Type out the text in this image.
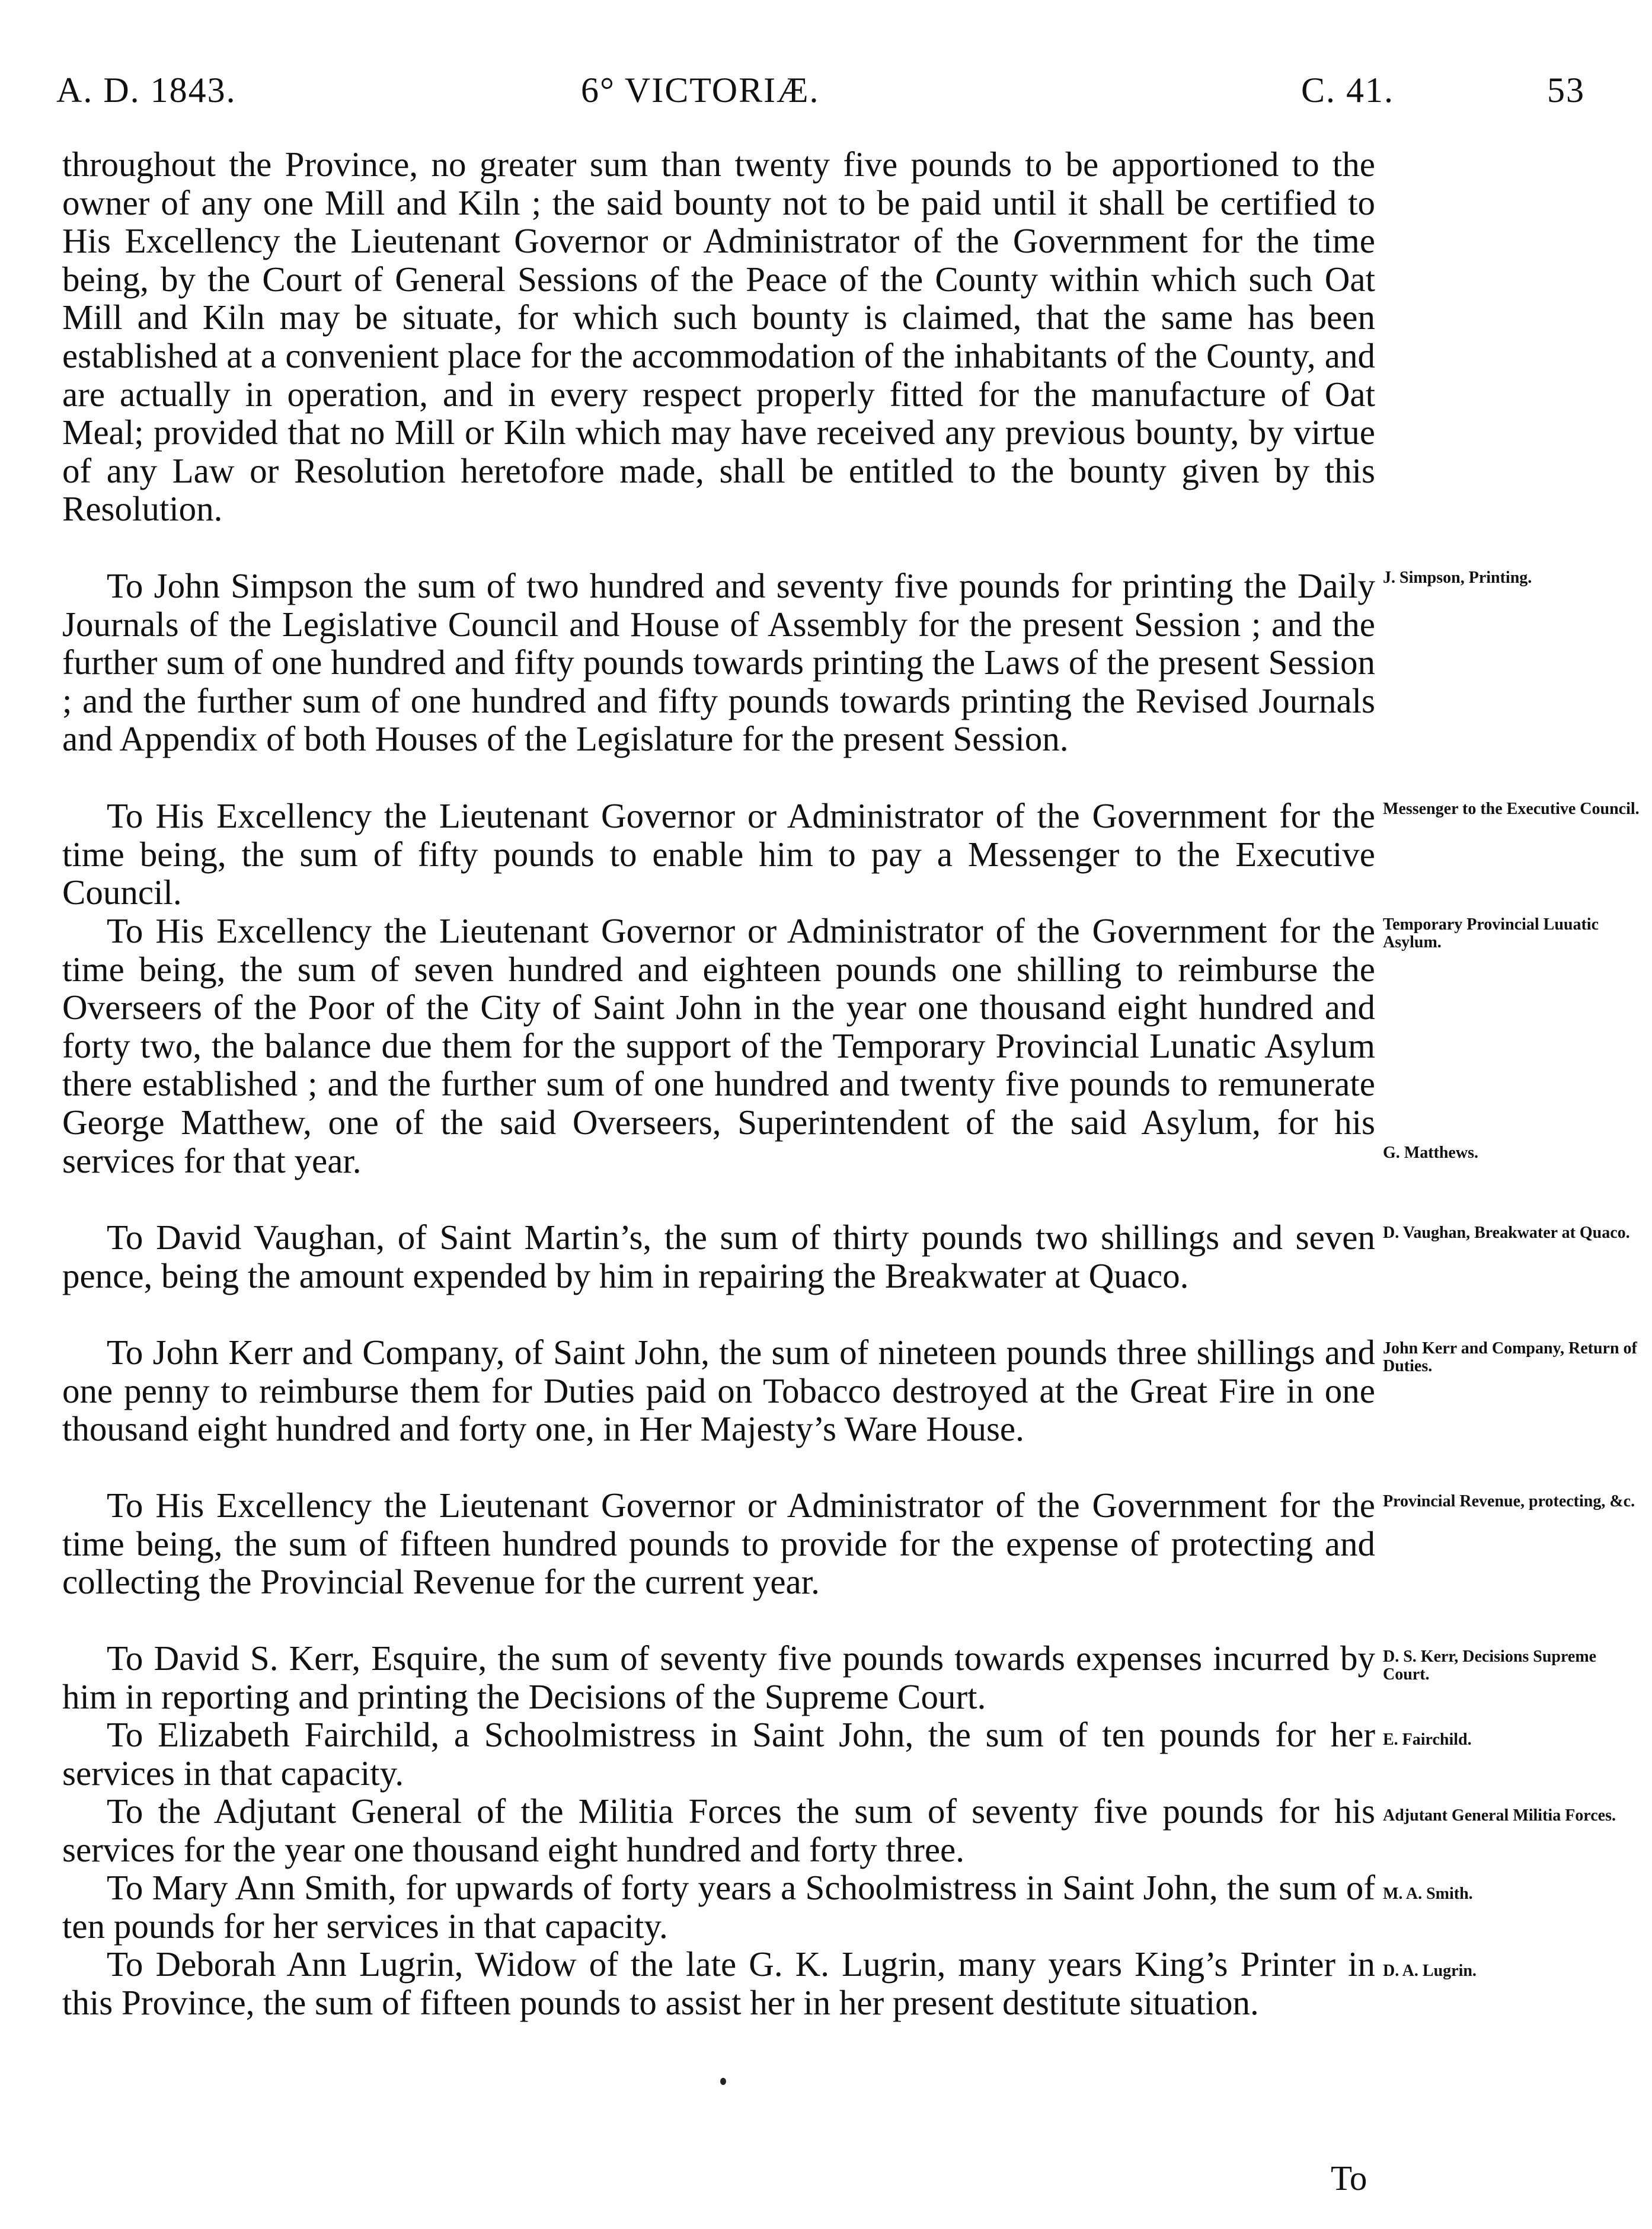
A. D. 1843.	6° VICTORIÆ.	C. 41.	53

throughout the Province, no greater sum than twenty five pounds to be apportioned to the owner of any one Mill and Kiln ; the said bounty not to be paid until it shall be certified to His Excellency the Lieutenant Governor or Administrator of the Government for the time being, by the Court of General Sessions of the Peace of the County within which such Oat Mill and Kiln may be situate, for which such bounty is claimed, that the same has been established at a convenient place for the accommodation of the inhabitants of the County, and are actually in operation, and in every respect properly fitted for the manufacture of Oat Meal; provided that no Mill or Kiln which may have received any previous bounty, by virtue of any Law or Resolution heretofore made, shall be entitled to the bounty given by this Resolution.

To John Simpson the sum of two hundred and seventy five pounds for printing the Daily Journals of the Legislative Council and House of Assembly for the present Session ; and the further sum of one hundred and fifty pounds towards printing the Laws of the present Session ; and the further sum of one hundred and fifty pounds towards printing the Revised Journals and Appendix of both Houses of the Legislature for the present Session.

To His Excellency the Lieutenant Governor or Administrator of the Government for the time being, the sum of fifty pounds to enable him to pay a Messenger to the Executive Council.

To His Excellency the Lieutenant Governor or Administrator of the Government for the time being, the sum of seven hundred and eighteen pounds one shilling to reimburse the Overseers of the Poor of the City of Saint John in the year one thousand eight hundred and forty two, the balance due them for the support of the Temporary Provincial Lunatic Asylum there established ; and the further sum of one hundred and twenty five pounds to remunerate George Matthew, one of the said Overseers, Superintendent of the said Asylum, for his services for that year.

To David Vaughan, of Saint Martin’s, the sum of thirty pounds two shillings and seven pence, being the amount expended by him in repairing the Breakwater at Quaco.

To John Kerr and Company, of Saint John, the sum of nineteen pounds three shillings and one penny to reimburse them for Duties paid on Tobacco destroyed at the Great Fire in one thousand eight hundred and forty one, in Her Majesty’s Ware House.

To His Excellency the Lieutenant Governor or Administrator of the Government for the time being, the sum of fifteen hundred pounds to provide for the expense of protecting and collecting the Provincial Revenue for the current year.

To David S. Kerr, Esquire, the sum of seventy five pounds towards expenses incurred by him in reporting and printing the Decisions of the Supreme Court.

To Elizabeth Fairchild, a Schoolmistress in Saint John, the sum of ten pounds for her services in that capacity.

To the Adjutant General of the Militia Forces the sum of seventy five pounds for his services for the year one thousand eight hundred and forty three.

To Mary Ann Smith, for upwards of forty years a Schoolmistress in Saint John, the sum of ten pounds for her services in that capacity.

To Deborah Ann Lugrin, Widow of the late G. K. Lugrin, many years King’s Printer in this Province, the sum of fifteen pounds to assist her in her present destitute situation.

J. Simpson, Printing.
Messenger to the Executive Council.
Temporary Provincial Luuatic Asylum.
G. Matthews.
D. Vaughan, Breakwater at Quaco.
John Kerr and Company, Return of Duties.
Provincial Revenue, protecting, &c.
D. S. Kerr, Decisions Supreme Court.
E. Fairchild.
Adjutant General Militia Forces.
M. A. Smith.
D. A. Lugrin.
To
